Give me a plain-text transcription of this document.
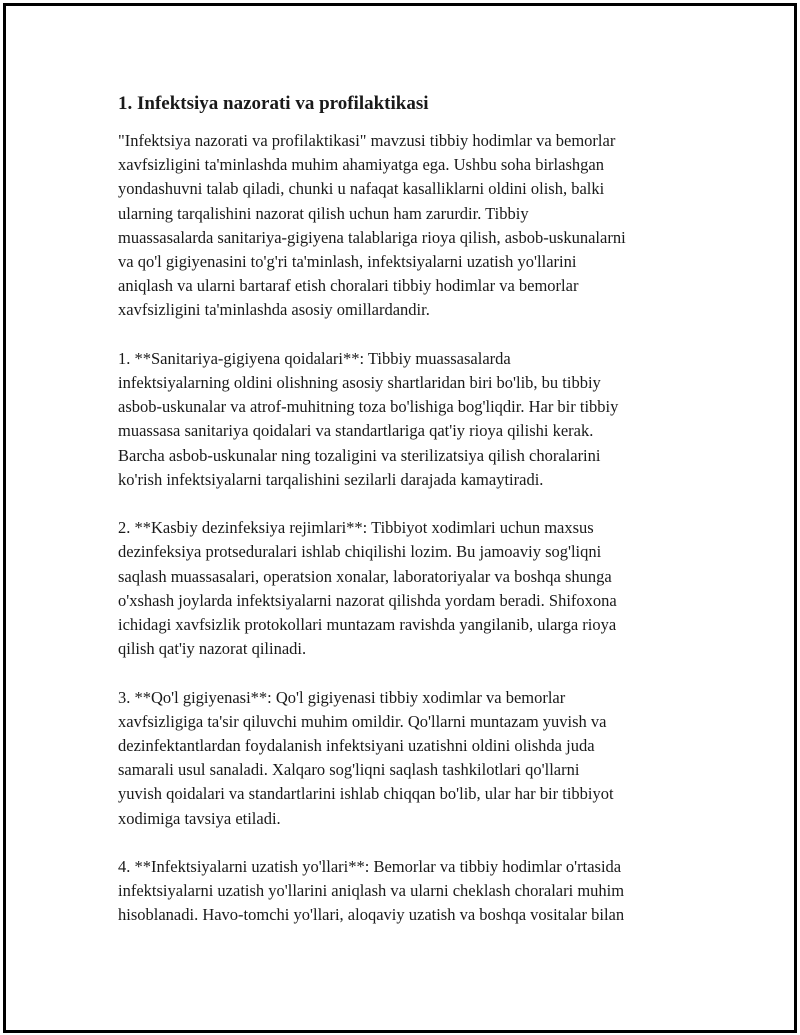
1. Infektsiya nazorati va profilaktikasi

"Infektsiya nazorati va profilaktikasi" mavzusi tibbiy hodimlar va bemorlar
xavfsizligini ta'minlashda muhim ahamiyatga ega. Ushbu soha birlashgan
yondashuvni talab qiladi, chunki u nafaqat kasalliklarni oldini olish, balki
ularning tarqalishini nazorat qilish uchun ham zarurdir. Tibbiy
muassasalarda sanitariya-gigiyena talablariga rioya qilish, asbob-uskunalarni
va qo'l gigiyenasini to'g'ri ta'minlash, infektsiyalarni uzatish yo'llarini
aniqlash va ularni bartaraf etish choralari tibbiy hodimlar va bemorlar
xavfsizligini ta'minlashda asosiy omillardandir.

1. **Sanitariya-gigiyena qoidalari**: Tibbiy muassasalarda
infektsiyalarning oldini olishning asosiy shartlaridan biri bo'lib, bu tibbiy
asbob-uskunalar va atrof-muhitning toza bo'lishiga bog'liqdir. Har bir tibbiy
muassasa sanitariya qoidalari va standartlariga qat'iy rioya qilishi kerak.
Barcha asbob-uskunalar ning tozaligini va sterilizatsiya qilish choralarini
ko'rish infektsiyalarni tarqalishini sezilarli darajada kamaytiradi.

2. **Kasbiy dezinfeksiya rejimlari**: Tibbiyot xodimlari uchun maxsus
dezinfeksiya protseduralari ishlab chiqilishi lozim. Bu jamoaviy sog'liqni
saqlash muassasalari, operatsion xonalar, laboratoriyalar va boshqa shunga
o'xshash joylarda infektsiyalarni nazorat qilishda yordam beradi. Shifoxona
ichidagi xavfsizlik protokollari muntazam ravishda yangilanib, ularga rioya
qilish qat'iy nazorat qilinadi.

3. **Qo'l gigiyenasi**: Qo'l gigiyenasi tibbiy xodimlar va bemorlar
xavfsizligiga ta'sir qiluvchi muhim omildir. Qo'llarni muntazam yuvish va
dezinfektantlardan foydalanish infektsiyani uzatishni oldini olishda juda
samarali usul sanaladi. Xalqaro sog'liqni saqlash tashkilotlari qo'llarni
yuvish qoidalari va standartlarini ishlab chiqqan bo'lib, ular har bir tibbiyot
xodimiga tavsiya etiladi.

4. **Infektsiyalarni uzatish yo'llari**: Bemorlar va tibbiy hodimlar o'rtasida
infektsiyalarni uzatish yo'llarini aniqlash va ularni cheklash choralari muhim
hisoblanadi. Havo-tomchi yo'llari, aloqaviy uzatish va boshqa vositalar bilan
